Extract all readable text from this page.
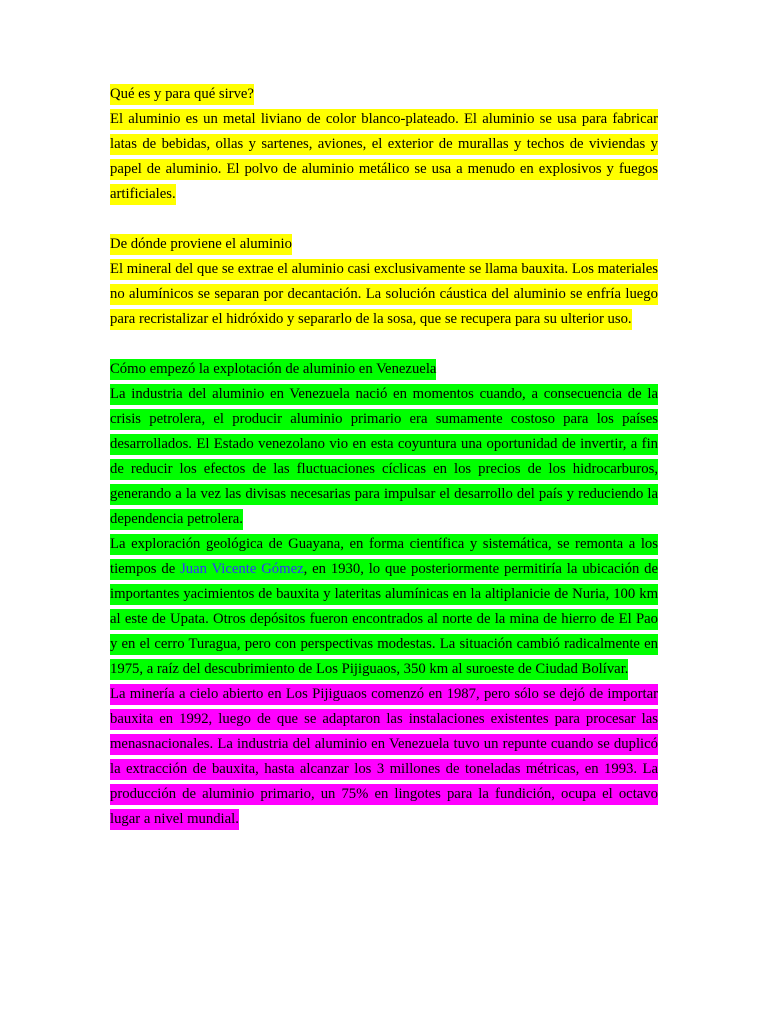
Qué es y para qué sirve?

El aluminio es un metal liviano de color blanco-plateado. El aluminio se usa para fabricar latas de bebidas, ollas y sartenes, aviones, el exterior de murallas y techos de viviendas y papel de aluminio. El polvo de aluminio metálico se usa a menudo en explosivos y fuegos artificiales.

De dónde proviene el aluminio

El mineral del que se extrae el aluminio casi exclusivamente se llama bauxita. Los materiales no alumínicos se separan por decantación. La solución cáustica del aluminio se enfría luego para recristalizar el hidróxido y separarlo de la sosa, que se recupera para su ulterior uso.

Cómo empezó la explotación de aluminio en Venezuela

La industria del aluminio en Venezuela nació en momentos cuando, a consecuencia de la crisis petrolera, el producir aluminio primario era sumamente costoso para los países desarrollados. El Estado venezolano vio en esta coyuntura una oportunidad de invertir, a fin de reducir los efectos de las fluctuaciones cíclicas en los precios de los hidrocarburos, generando a la vez las divisas necesarias para impulsar el desarrollo del país y reduciendo la dependencia petrolera.

La exploración geológica de Guayana, en forma científica y sistemática, se remonta a los tiempos de Juan Vicente Gómez, en 1930, lo que posteriormente permitiría la ubicación de importantes yacimientos de bauxita y lateritas alumínicas en la altiplanicie de Nuria, 100 km al este de Upata. Otros depósitos fueron encontrados al norte de la mina de hierro de El Pao y en el cerro Turagua, pero con perspectivas modestas. La situación cambió radicalmente en 1975, a raíz del descubrimiento de Los Pijiguaos, 350 km al suroeste de Ciudad Bolívar.

La minería a cielo abierto en Los Pijiguaos comenzó en 1987, pero sólo se dejó de importar bauxita en 1992, luego de que se adaptaron las instalaciones existentes para procesar las menasnacionales. La industria del aluminio en Venezuela tuvo un repunte cuando se duplicó la extracción de bauxita, hasta alcanzar los 3 millones de toneladas métricas, en 1993. La producción de aluminio primario, un 75% en lingotes para la fundición, ocupa el octavo lugar a nivel mundial.
